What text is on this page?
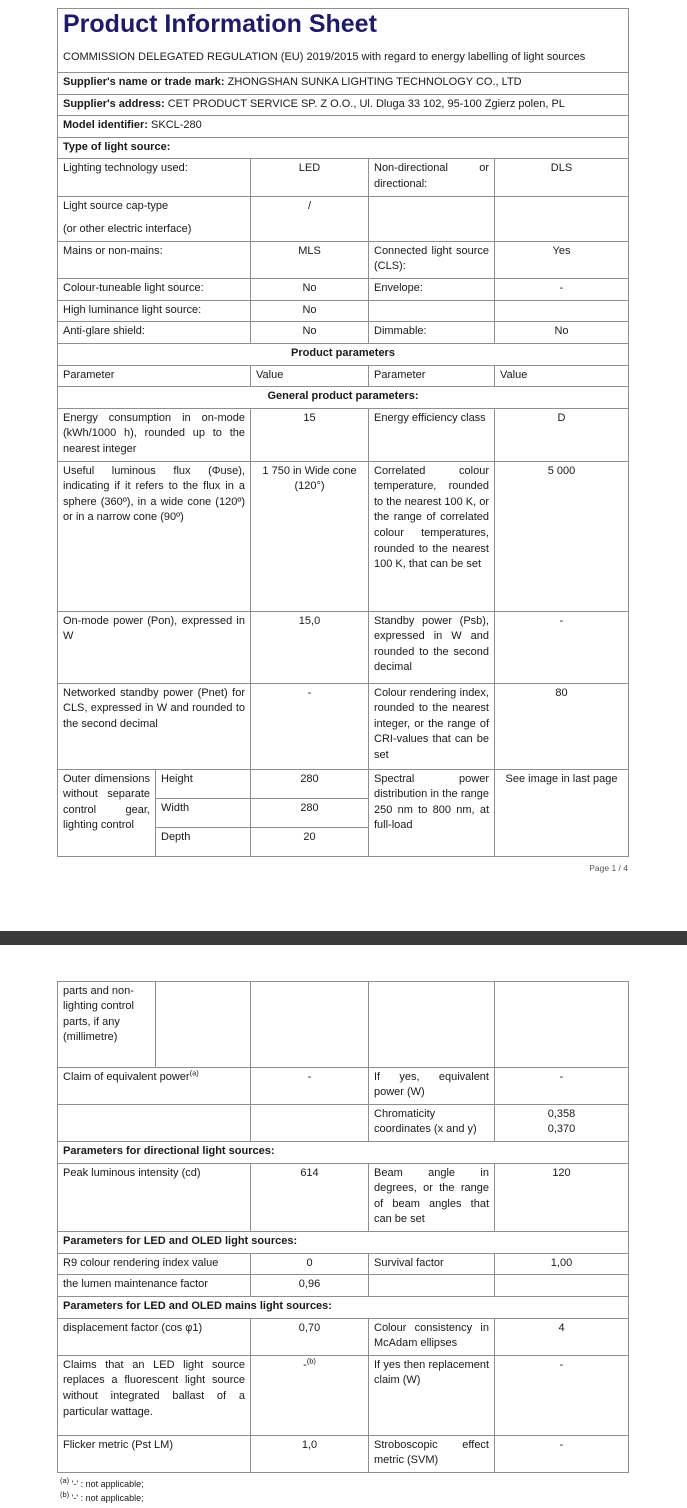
Product Information Sheet

COMMISSION DELEGATED REGULATION (EU) 2019/2015 with regard to energy labelling of light sources

Supplier's name or trade mark: ZHONGSHAN SUNKA LIGHTING TECHNOLOGY CO., LTD				
Supplier's address: CET PRODUCT SERVICE SP. Z O.O., Ul. Dluga 33 102, 95-100 Zgierz polen, PL				
Model identifier: SKCL-280				
Type of light source:				
Lighting technology used:		LED	Non-directional or directional:	DLS

Light source cap-type
(or other electric interface)		/		
Mains or non-mains:		MLS	Connected light source (CLS):	Yes
Colour-tuneable light source:		No	Envelope:	-
High luminance light source:		No		
Anti-glare shield:		No	Dimmable:	No
Product parameters				
Parameter		Value	Parameter	Value
General product parameters:				
Energy consumption in on-mode (kWh/1000 h), rounded up to the nearest integer		15	Energy efficiency class	D
Useful luminous flux (Φuse), indicating if it refers to the flux in a sphere (360º), in a wide cone (120º) or in a narrow cone (90º)		1 750 in Wide cone (120°)	Correlated colour temperature, rounded to the nearest 100 K, or the range of correlated colour temperatures, rounded to the nearest 100 K, that can be set	5 000
On-mode power (Pon), expressed in W		15,0	Standby power (Psb), expressed in W and rounded to the second decimal	-
Networked standby power (Pnet) for CLS, expressed in W and rounded to the second decimal		-	Colour rendering index, rounded to the nearest integer, or the range of CRI-values that can be set	80
Outer dimensions without separate control gear, lighting control	Height	280	Spectral power distribution in the range 250 nm to 800 nm, at full-load	See image in last page
	Width	280		
	Depth	20		
Page 1 / 4
parts and non-lighting control parts, if any (millimetre)				
Claim of equivalent power$^{(a)}$		-	If yes, equivalent power (W)	-
			Chromaticity coordinates (x and y)	0,358
0,370

Parameters for directional light sources:				
Peak luminous intensity (cd)		614	Beam angle in degrees, or the range of beam angles that can be set	120
Parameters for LED and OLED light sources:				
R9 colour rendering index value		0	Survival factor	1,00
the lumen maintenance factor		0,96		
Parameters for LED and OLED mains light sources:				
displacement factor (cos φ1)		0,70	Colour consistency in McAdam ellipses	4
Claims that an LED light source replaces a fluorescent light source without integrated ballast of a particular wattage.		-$^{(b)}$	If yes then replacement claim (W)	-
Flicker metric (Pst LM)		1,0	Stroboscopic effect metric (SVM)	-
$^{(a)}$ '-' : not applicable;
$^{(b)}$ '-' : not applicable;
